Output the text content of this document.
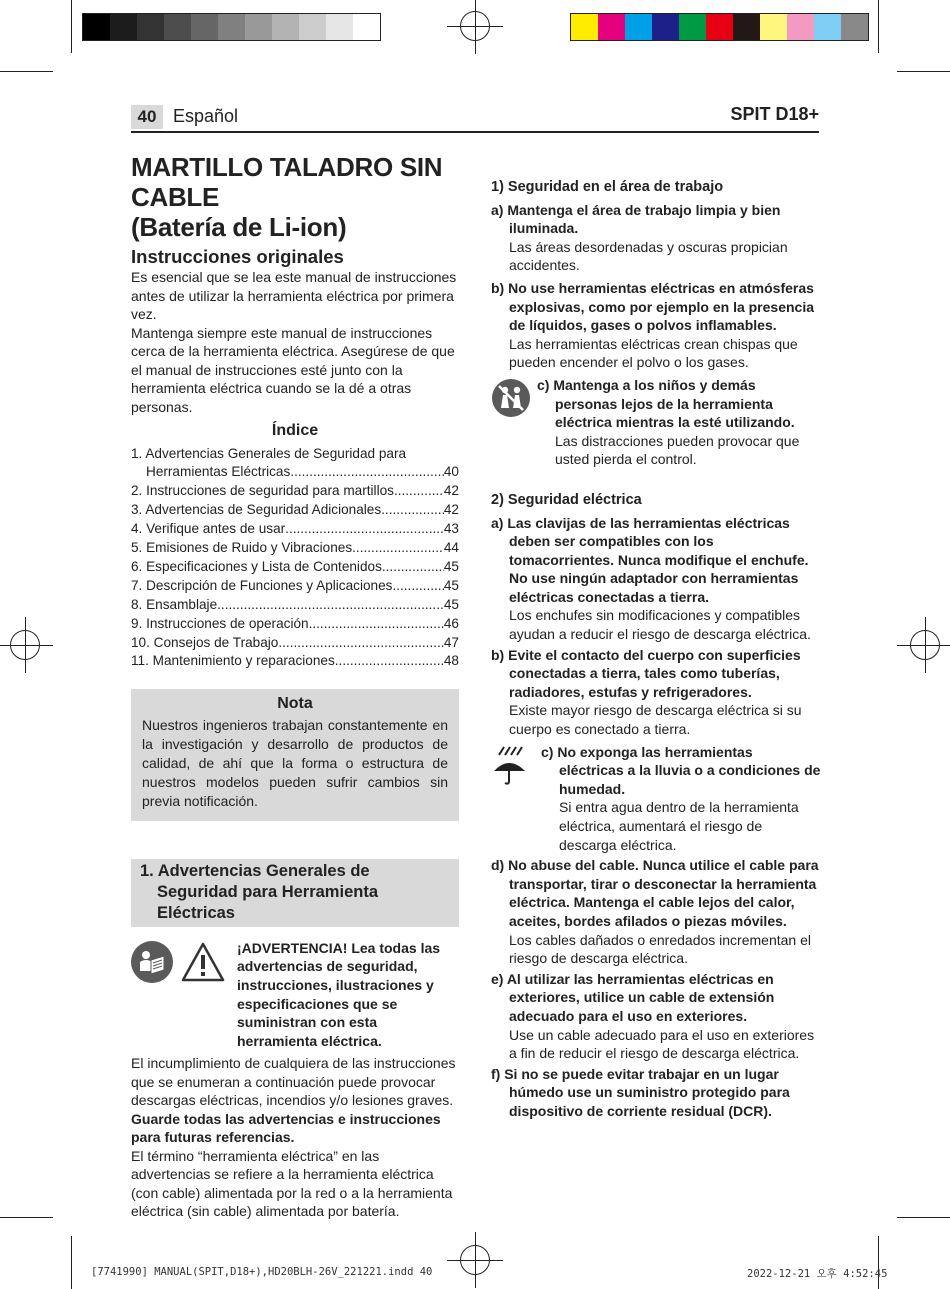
40 Español	SPIT D18+
MARTILLO TALADRO SIN CABLE
(Batería de Li-ion)
Instrucciones originales

Es esencial que se lea este manual de instrucciones antes de utilizar la herramienta eléctrica por primera vez.

Mantenga siempre este manual de instrucciones cerca de la herramienta eléctrica. Asegúrese de que el manual de instrucciones esté junto con la herramienta eléctrica cuando se la dé a otras personas.

Índice
1. Advertencias Generales de Seguridad para
Herramientas Eléctricas .....	40
2. Instrucciones de seguridad para martillos .....	42
3. Advertencias de Seguridad Adicionales .....	42
4. Verifique antes de usar .....	43
5. Emisiones de Ruido y Vibraciones .....	44
6. Especificaciones y Lista de Contenidos .....	45
7. Descripción de Funciones y Aplicaciones .....	45
8. Ensamblaje .....	45
9. Instrucciones de operación .....	46
10. Consejos de Trabajo .....	47
11. Mantenimiento y reparaciones .....	48
Nota
Nuestros ingenieros trabajan constantemente en la investigación y desarrollo de productos de calidad, de ahí que la forma o estructura de nuestros modelos pueden sufrir cambios sin previa notificación.
1. Advertencias Generales de Seguridad para Herramienta Eléctricas
¡ADVERTENCIA! Lea todas las advertencias de seguridad, instrucciones, ilustraciones y especificaciones que se suministran con esta herramienta eléctrica.

El incumplimiento de cualquiera de las instrucciones que se enumeran a continuación puede provocar descargas eléctricas, incendios y/o lesiones graves.

Guarde todas las advertencias e instrucciones para futuras referencias.

El término “herramienta eléctrica” en las advertencias se refiere a la herramienta eléctrica (con cable) alimentada por la red o a la herramienta eléctrica (sin cable) alimentada por batería.

1) Seguridad en el área de trabajo
a) Mantenga el área de trabajo limpia y bien iluminada.
Las áreas desordenadas y oscuras propician accidentes.
b) No use herramientas eléctricas en atmósferas explosivas, como por ejemplo en la presencia de líquidos, gases o polvos inflamables.
Las herramientas eléctricas crean chispas que pueden encender el polvo o los gases.
c) Mantenga a los niños y demás personas lejos de la herramienta eléctrica mientras la esté utilizando.
Las distracciones pueden provocar que usted pierda el control.
2) Seguridad eléctrica
a) Las clavijas de las herramientas eléctricas deben ser compatibles con los tomacorrientes. Nunca modifique el enchufe. No use ningún adaptador con herramientas eléctricas conectadas a tierra.
Los enchufes sin modificaciones y compatibles ayudan a reducir el riesgo de descarga eléctrica.
b) Evite el contacto del cuerpo con superficies conectadas a tierra, tales como tuberías, radiadores, estufas y refrigeradores.
Existe mayor riesgo de descarga eléctrica si su cuerpo es conectado a tierra.
c) No exponga las herramientas eléctricas a la lluvia o a condiciones de humedad.
Si entra agua dentro de la herramienta eléctrica, aumentará el riesgo de descarga eléctrica.
d) No abuse del cable. Nunca utilice el cable para transportar, tirar o desconectar la herramienta eléctrica. Mantenga el cable lejos del calor, aceites, bordes afilados o piezas móviles.
Los cables dañados o enredados incrementan el riesgo de descarga eléctrica.
e) Al utilizar las herramientas eléctricas en exteriores, utilice un cable de extensión adecuado para el uso en exteriores.
Use un cable adecuado para el uso en exteriores a fin de reducir el riesgo de descarga eléctrica.
f) Si no se puede evitar trabajar en un lugar húmedo use un suministro protegido para dispositivo de corriente residual (DCR).
[7741990] MANUAL(SPIT,D18+),HD20BLH-26V_221221.indd 40	2022-12-21 오후 4:52:45
